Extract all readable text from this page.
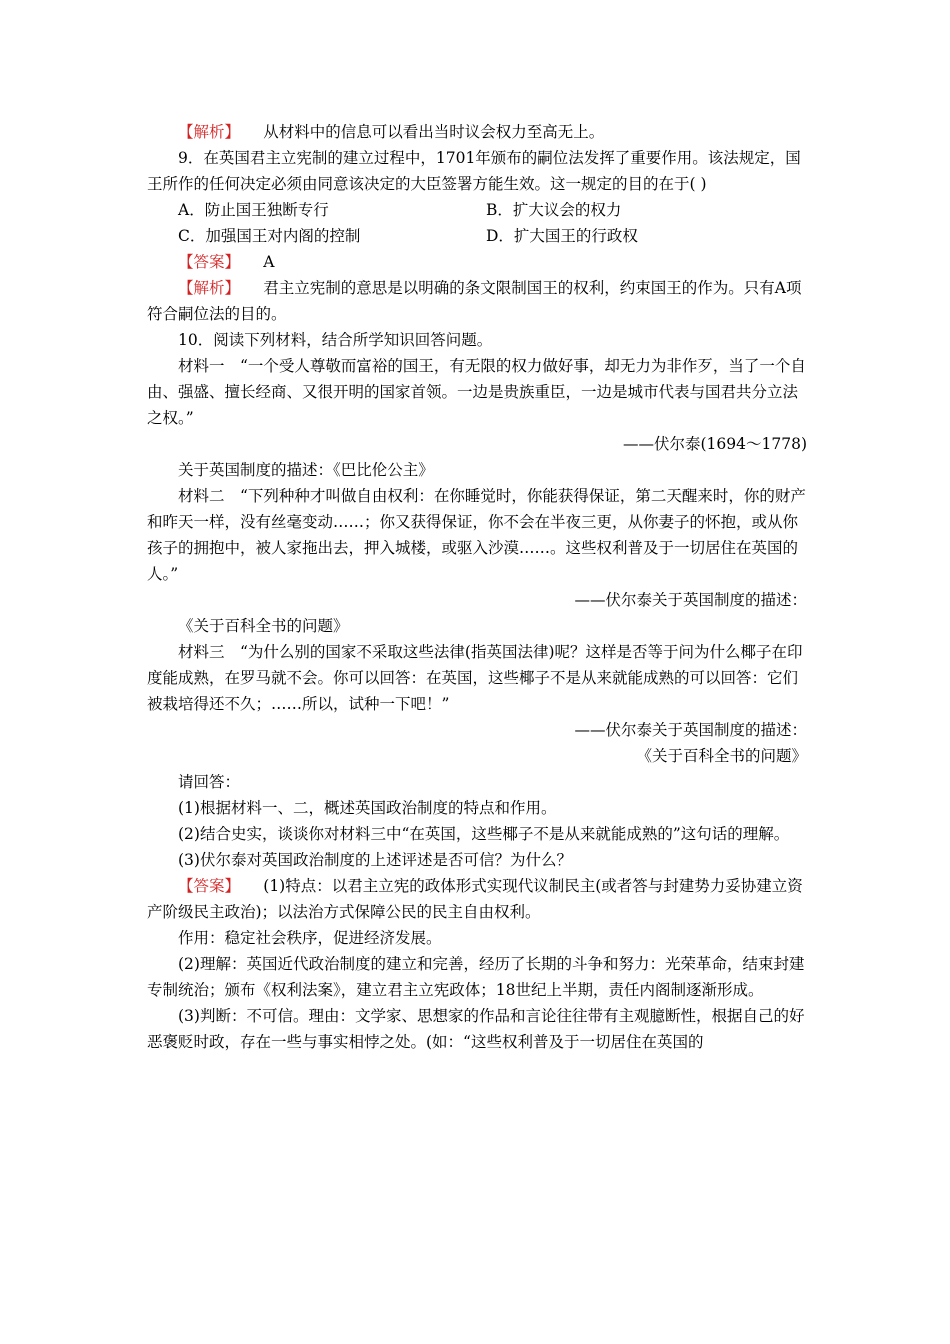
【解析】 从材料中的信息可以看出当时议会权力至高无上。

9．在英国君主立宪制的建立过程中，1701年颁布的嗣位法发挥了重要作用。该法规定，国王所作的任何决定必须由同意该决定的大臣签署方能生效。这一规定的目的在于( )

A．防止国王独断专行	B．扩大议会的权力
C．加强国王对内阁的控制	D．扩大国王的行政权

【答案】 A

【解析】 君主立宪制的意思是以明确的条文限制国王的权利，约束国王的作为。只有A项符合嗣位法的目的。

10．阅读下列材料，结合所学知识回答问题。

材料一　“一个受人尊敬而富裕的国王，有无限的权力做好事，却无力为非作歹，当了一个自由、强盛、擅长经商、又很开明的国家首领。一边是贵族重臣，一边是城市代表与国君共分立法之权。”

——伏尔泰(1694～1778)

关于英国制度的描述：《巴比伦公主》

材料二　“下列种种才叫做自由权利：在你睡觉时，你能获得保证，第二天醒来时，你的财产和昨天一样，没有丝毫变动……；你又获得保证，你不会在半夜三更，从你妻子的怀抱，或从你孩子的拥抱中，被人家拖出去，押入城楼，或驱入沙漠……。这些权利普及于一切居住在英国的人。”

——伏尔泰关于英国制度的描述：

《关于百科全书的问题》

材料三　“为什么别的国家不采取这些法律(指英国法律)呢？这样是否等于问为什么椰子在印度能成熟，在罗马就不会。你可以回答：在英国，这些椰子不是从来就能成熟的可以回答：它们被栽培得还不久；……所以，试种一下吧！”

——伏尔泰关于英国制度的描述：

《关于百科全书的问题》

请回答：

(1)根据材料一、二，概述英国政治制度的特点和作用。

(2)结合史实，谈谈你对材料三中“在英国，这些椰子不是从来就能成熟的”这句话的理解。

(3)伏尔泰对英国政治制度的上述评述是否可信？为什么？

【答案】 (1)特点：以君主立宪的政体形式实现代议制民主(或者答与封建势力妥协建立资产阶级民主政治)；以法治方式保障公民的民主自由权利。

作用：稳定社会秩序，促进经济发展。

(2)理解：英国近代政治制度的建立和完善，经历了长期的斗争和努力：光荣革命，结束封建专制统治；颁布《权利法案》，建立君主立宪政体；18世纪上半期，责任内阁制逐渐形成。

(3)判断：不可信。理由：文学家、思想家的作品和言论往往带有主观臆断性，根据自己的好恶褒贬时政，存在一些与事实相悖之处。(如：“这些权利普及于一切居住在英国的
